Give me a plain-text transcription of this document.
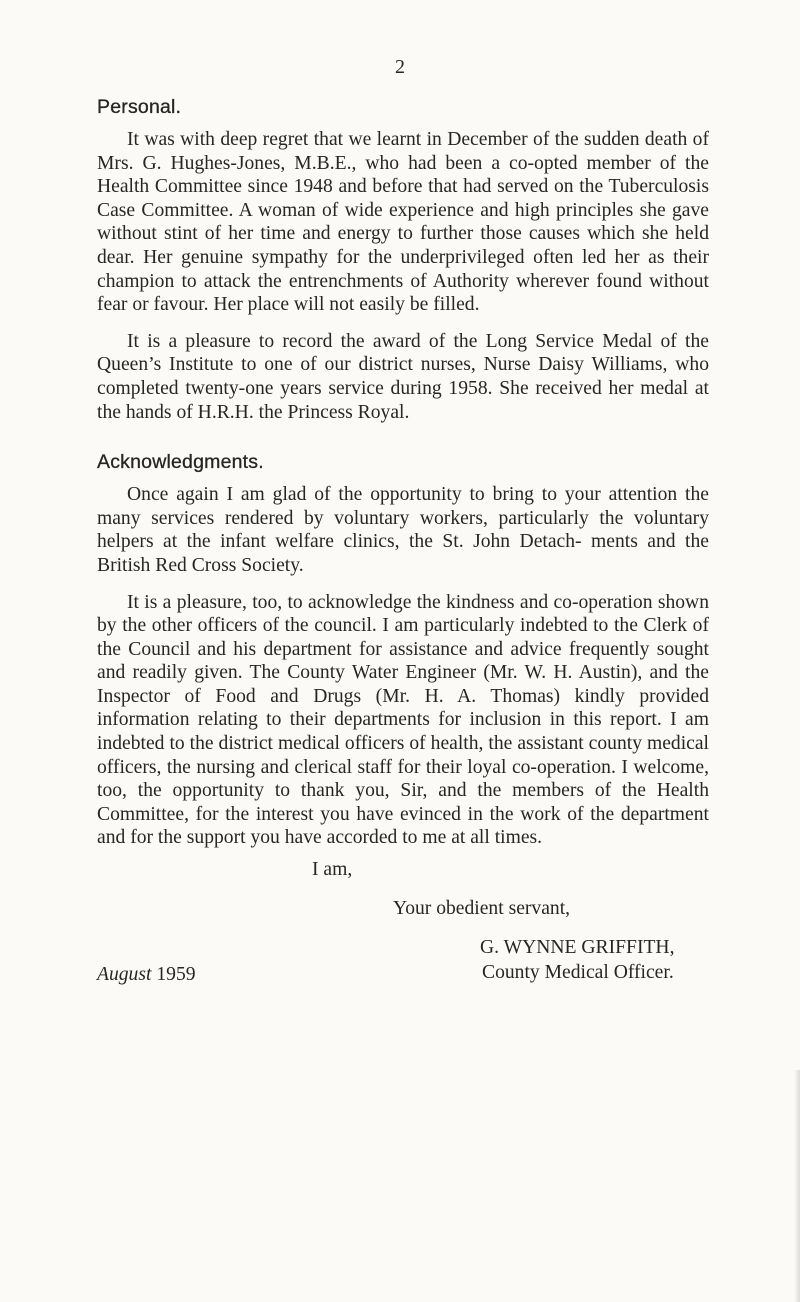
2
Personal.

It was with deep regret that we learnt in December of the sudden death of Mrs. G. Hughes-Jones, M.B.E., who had been a co-opted member of the Health Committee since 1948 and before that had served on the Tuberculosis Case Committee. A woman of wide experience and high principles she gave without stint of her time and energy to further those causes which she held dear. Her genuine sympathy for the underprivileged often led her as their champion to attack the entrenchments of Authority wherever found without fear or favour. Her place will not easily be filled.

It is a pleasure to record the award of the Long Service Medal of the Queen’s Institute to one of our district nurses, Nurse Daisy Williams, who completed twenty-one years service during 1958. She received her medal at the hands of H.R.H. the Princess Royal.

Acknowledgments.

Once again I am glad of the opportunity to bring to your attention the many services rendered by voluntary workers, particularly the voluntary helpers at the infant welfare clinics, the St. John Detach- ments and the British Red Cross Society.

It is a pleasure, too, to acknowledge the kindness and co-operation shown by the other officers of the council. I am particularly indebted to the Clerk of the Council and his department for assistance and advice frequently sought and readily given. The County Water Engineer (Mr. W. H. Austin), and the Inspector of Food and Drugs (Mr. H. A. Thomas) kindly provided information relating to their departments for inclusion in this report. I am indebted to the district medical officers of health, the assistant county medical officers, the nursing and clerical staff for their loyal co-operation. I welcome, too, the opportunity to thank you, Sir, and the members of the Health Committee, for the interest you have evinced in the work of the department and for the support you have accorded to me at all times.

I am,
Your obedient servant,
G. WYNNE GRIFFITH,
County Medical Officer.
August 1959
